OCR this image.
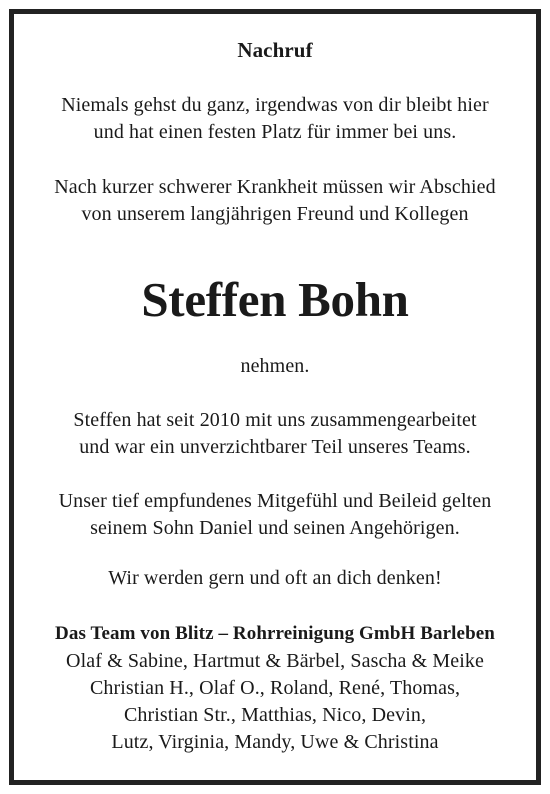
Nachruf
Niemals gehst du ganz, irgendwas von dir bleibt hier
und hat einen festen Platz für immer bei uns.
Nach kurzer schwerer Krankheit müssen wir Abschied
von unserem langjährigen Freund und Kollegen
Steffen Bohn
nehmen.
Steffen hat seit 2010 mit uns zusammengearbeitet
und war ein unverzichtbarer Teil unseres Teams.
Unser tief empfundenes Mitgefühl und Beileid gelten
seinem Sohn Daniel und seinen Angehörigen.
Wir werden gern und oft an dich denken!
Das Team von Blitz – Rohrreinigung GmbH Barleben
Olaf & Sabine, Hartmut & Bärbel, Sascha & Meike
Christian H., Olaf O., Roland, René, Thomas,
Christian Str., Matthias, Nico, Devin,
Lutz, Virginia, Mandy, Uwe & Christina
